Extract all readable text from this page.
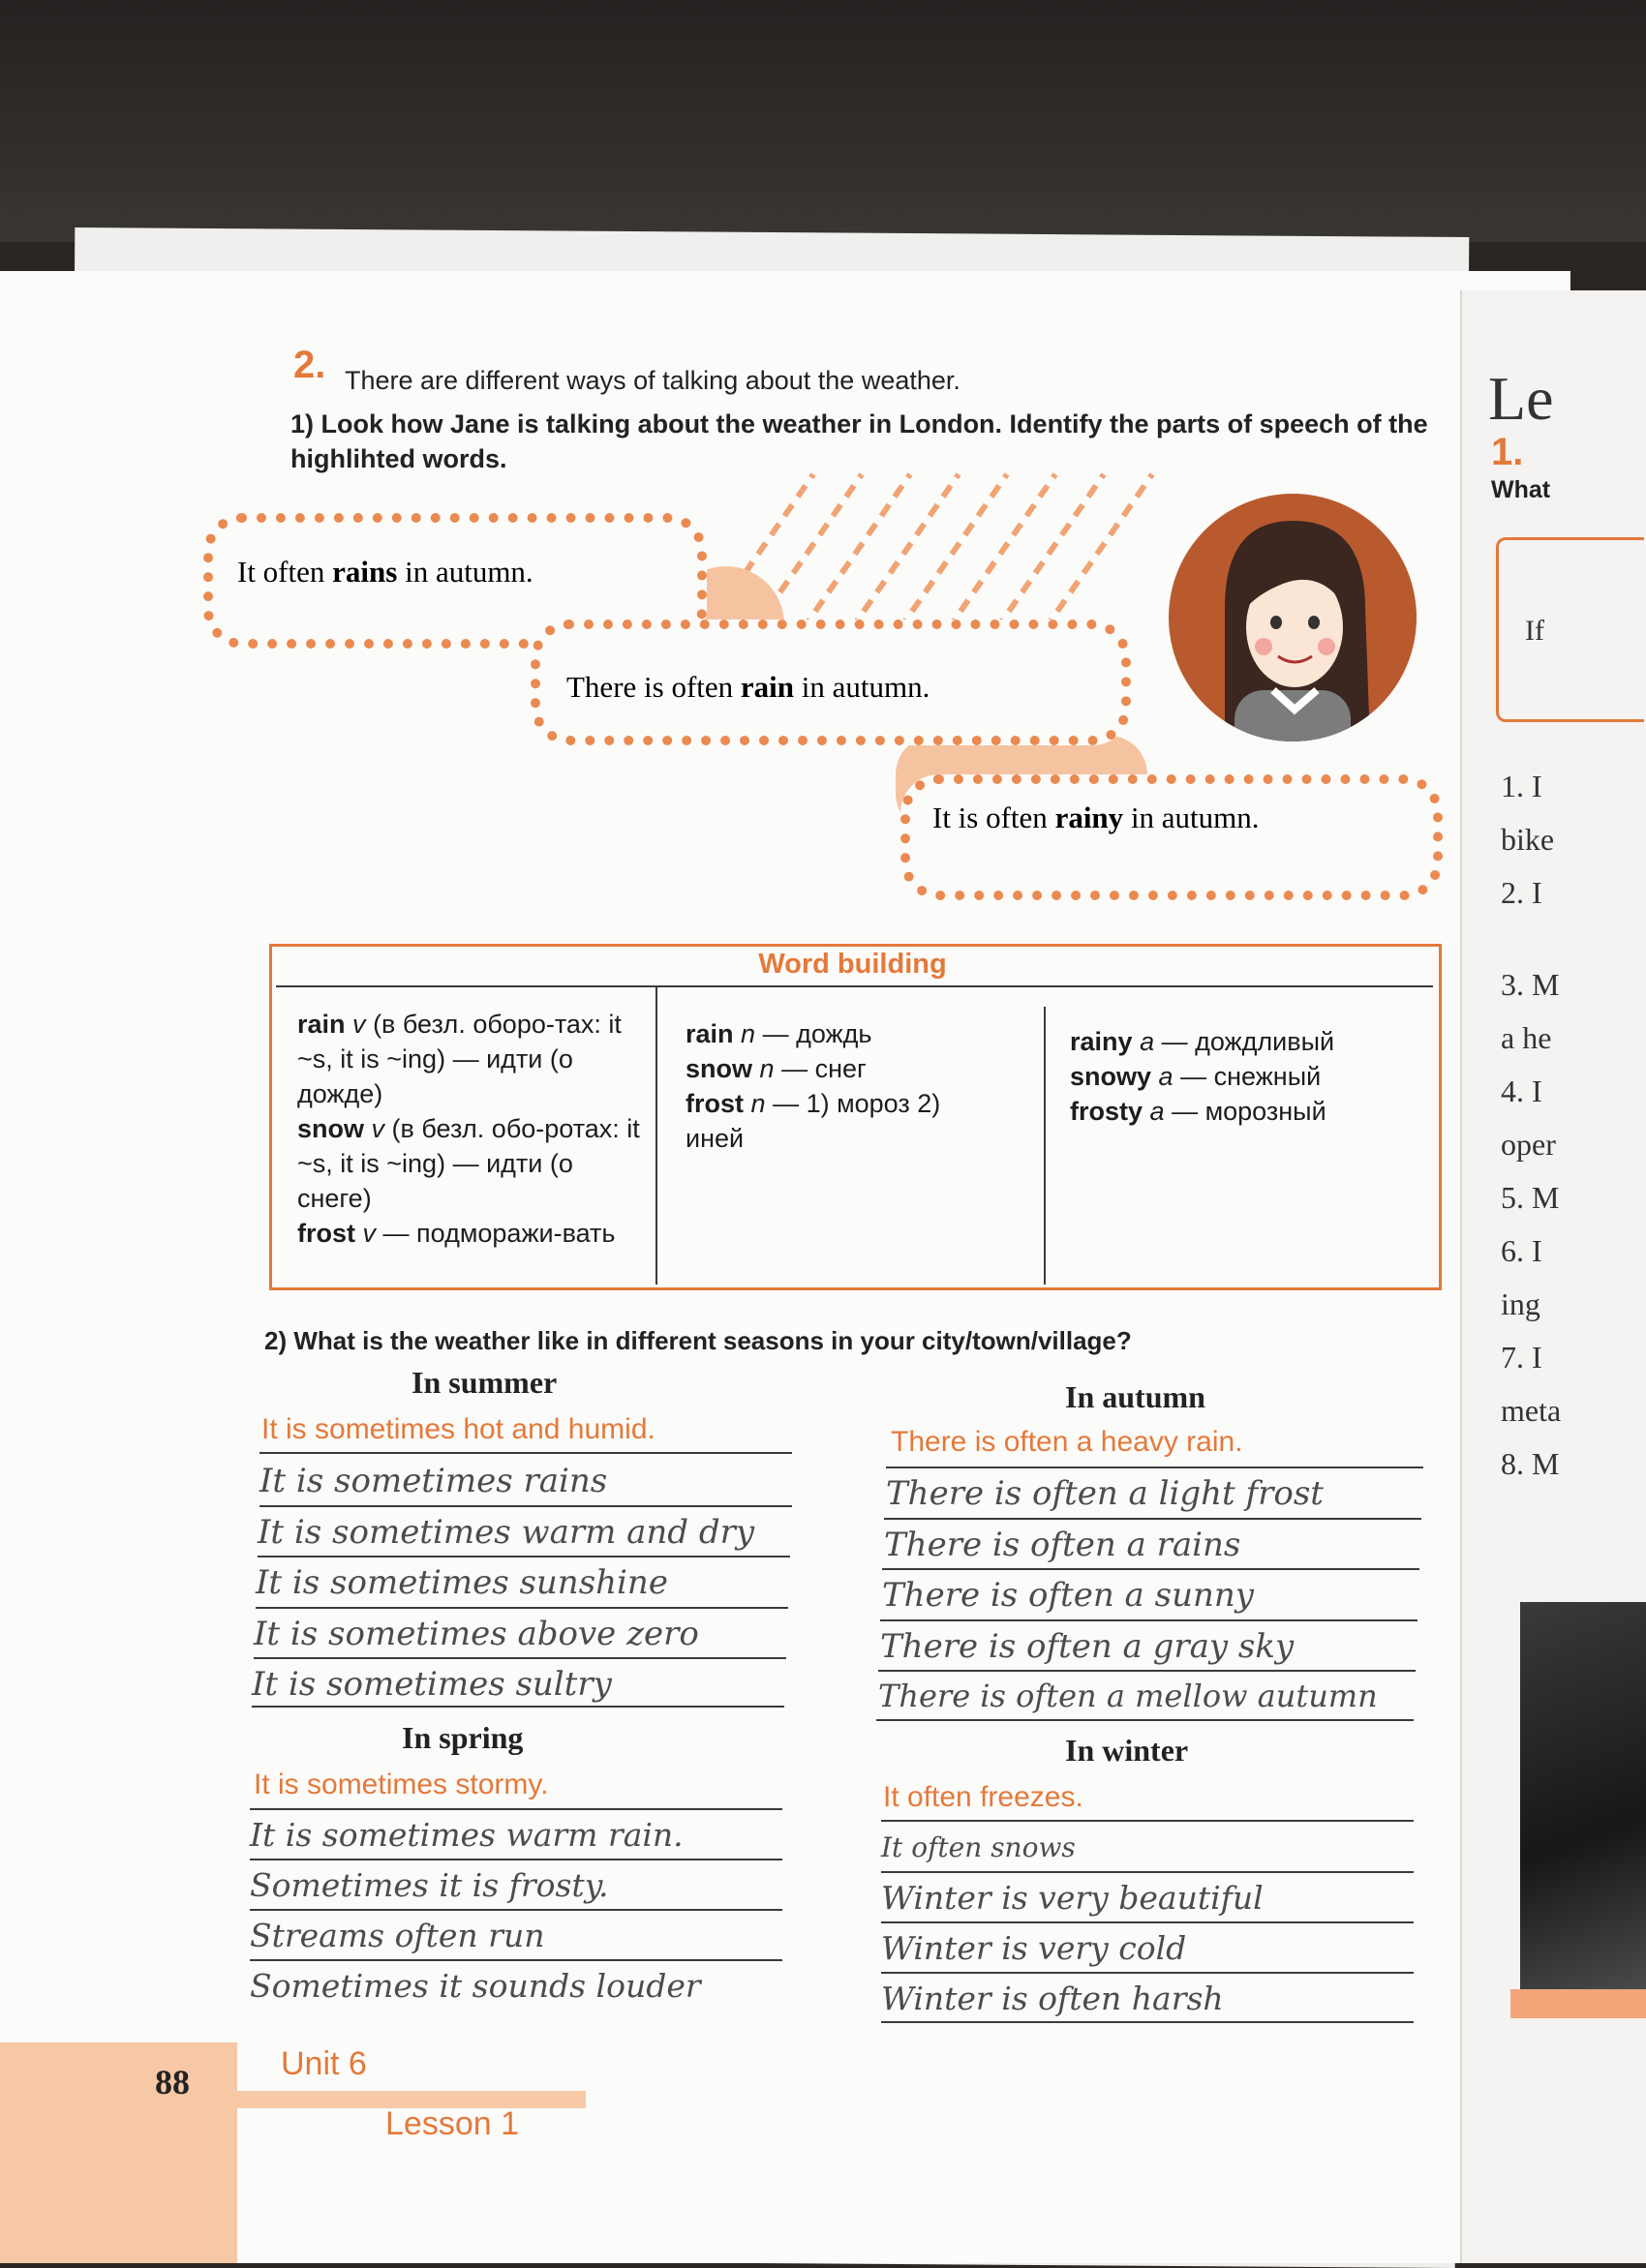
2. There are different ways of talking about the weather.
1) Look how Jane is talking about the weather in London. Identify the parts of speech of the highlihted words.
It often rains in autumn.
There is often rain in autumn.
It is often rainy in autumn.
Word building
rain v (в безл. оборо-тах: it ~s, it is ~ing) — идти (о дожде)
snow v (в безл. обо-ротах: it ~s, it is ~ing) — идти (о снеге)
frost v — подморажи-вать
rain n — дождь
snow n — снег
frost n — 1) мороз 2) иней
rainy a — дождливый
snowy a — снежный
frosty a — морозный
2) What is the weather like in different seasons in your city/town/village?
In summer
It is sometimes hot and humid.
It is sometimes rains
It is sometimes warm and dry
It is sometimes sunshine
It is sometimes above zero
It is sometimes sultry
In autumn
There is often a heavy rain.
There is often a light frost
There is often a rains
There is often a sunny
There is often a gray sky
There is often a mellow autumn
In spring
It is sometimes stormy.
It is sometimes warm rain.
Sometimes it is frosty.
Streams often run
Sometimes it sounds louder
In winter
It often freezes.
It often snows
Winter is very beautiful
Winter is very cold
Winter is often harsh
88	Unit 6
Lesson 1
Le
1.
What
If
1. I
bike
2. I
3. M
a he
4. I
oper
5. M
6. I
ing
7. I
meta
8. M
